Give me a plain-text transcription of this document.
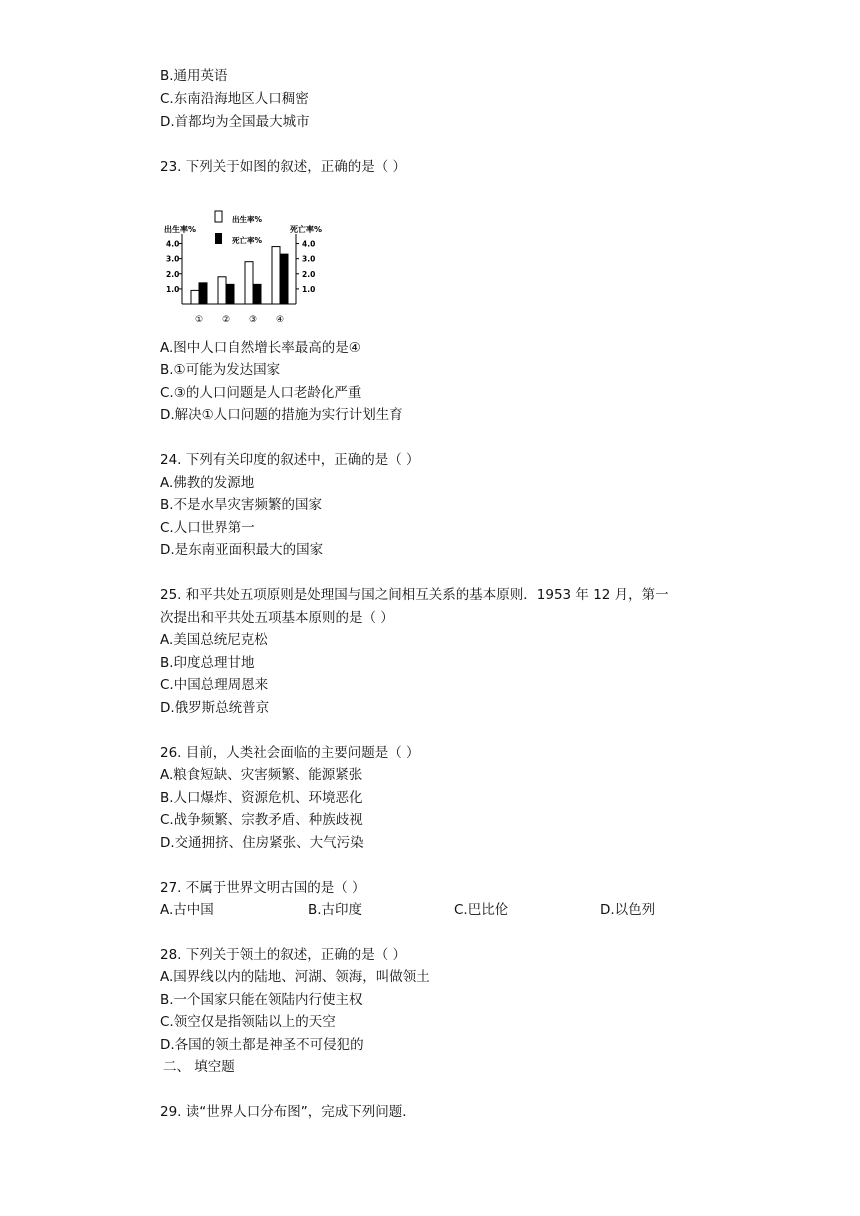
B.通用英语
C.东南沿海地区人口稠密
D.首都均为全国最大城市
23. 下列关于如图的叙述，正确的是（ ）
出生率%	死亡率%
出生率%
死亡率%
1.0	1.0
2.0	2.0
3.0	3.0
4.0	4.0
① ② ③ ④
A.图中人口自然增长率最高的是④
B.①可能为发达国家
C.③的人口问题是人口老龄化严重
D.解决①人口问题的措施为实行计划生育
24. 下列有关印度的叙述中，正确的是（ ）
A.佛教的发源地
B.不是水旱灾害频繁的国家
C.人口世界第一
D.是东南亚面积最大的国家
25. 和平共处五项原则是处理国与国之间相互关系的基本原则．1953 年 12 月，第一
次提出和平共处五项基本原则的是（ ）
A.美国总统尼克松
B.印度总理甘地
C.中国总理周恩来
D.俄罗斯总统普京
26. 目前，人类社会面临的主要问题是（ ）
A.粮食短缺、灾害频繁、能源紧张
B.人口爆炸、资源危机、环境恶化
C.战争频繁、宗教矛盾、种族歧视
D.交通拥挤、住房紧张、大气污染
27. 不属于世界文明古国的是（ ）
A.古中国	B.古印度	C.巴比伦	D.以色列
28. 下列关于领土的叙述，正确的是（ ）
A.国界线以内的陆地、河湖、领海，叫做领土
B.一个国家只能在领陆内行使主权
C.领空仅是指领陆以上的天空
D.各国的领土都是神圣不可侵犯的
二、 填空题
29. 读“世界人口分布图”，完成下列问题．
